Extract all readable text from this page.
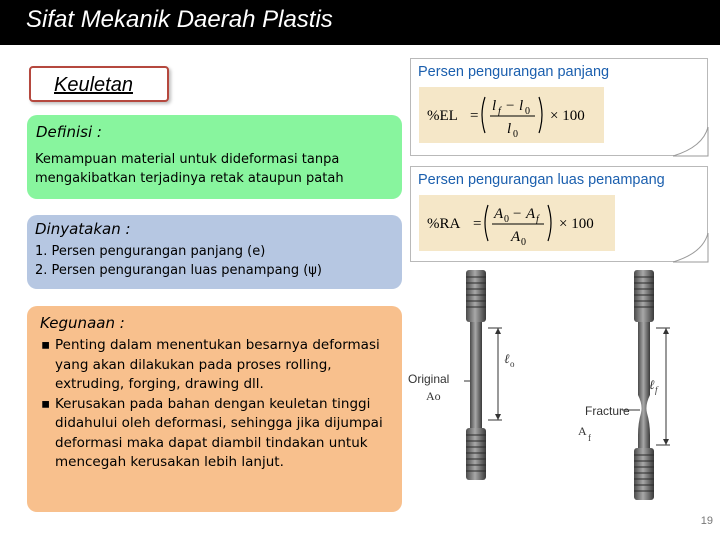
Sifat Mekanik Daerah Plastis
Keuletan
Definisi :
Kemampuan material untuk dideformasi tanpa
mengakibatkan terjadinya retak ataupun patah
Dinyatakan :
1. Persen pengurangan panjang (e)
2. Persen pengurangan luas penampang (ψ)
Kegunaan :
▪ Penting dalam menentukan besarnya deformasi yang akan dilakukan pada proses rolling, extruding, forging, drawing dll.
▪ Kerusakan pada bahan dengan keuletan tinggi didahului oleh deformasi, sehingga jika dijumpai deformasi maka dapat diambil tindakan untuk mencegah kerusakan lebih lanjut.
Persen pengurangan panjang
%EL =
l f − l 0
l 0
× 100
Persen pengurangan luas penampang
%RA =
A 0 − A f
A 0
× 100
ℓ o
Original
Ao
ℓ f
Fracture
A f
19
